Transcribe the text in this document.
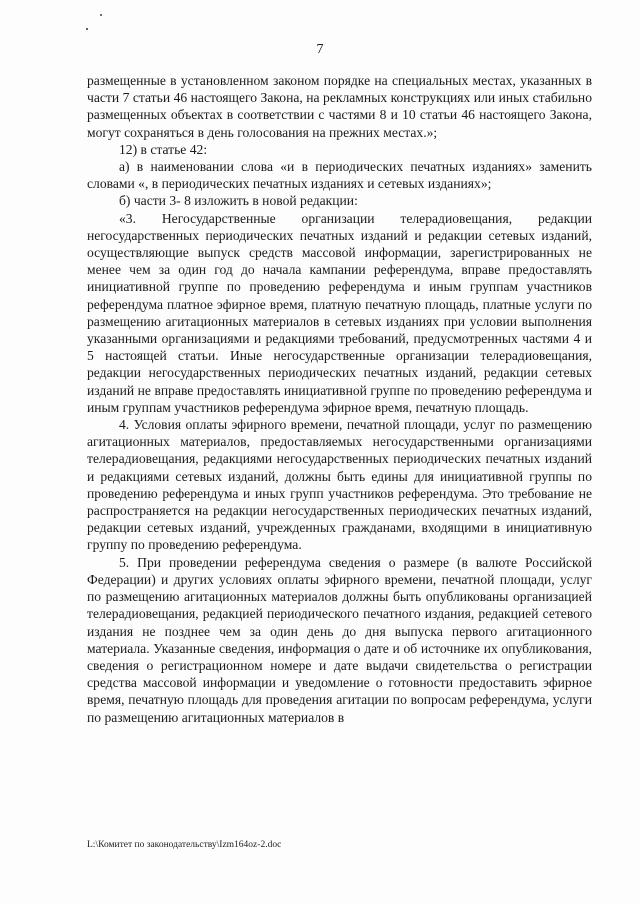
7

размещенные в установленном законом порядке на специальных местах, указанных в части 7 статьи 46 настоящего Закона, на рекламных конструкциях или иных стабильно размещенных объектах в соответствии с частями 8 и 10 статьи 46 настоящего Закона, могут сохраняться в день голосования на прежних местах.»;

12) в статье 42:

а) в наименовании слова «и в периодических печатных изданиях» заменить словами «, в периодических печатных изданиях и сетевых изданиях»;

б) части 3- 8 изложить в новой редакции:

«3. Негосударственные организации телерадиовещания, редакции негосударственных периодических печатных изданий и редакции сетевых изданий, осуществляющие выпуск средств массовой информации, зарегистрированных не менее чем за один год до начала кампании референдума, вправе предоставлять инициативной группе по проведению референдума и иным группам участников референдума платное эфирное время, платную печатную площадь, платные услуги по размещению агитационных материалов в сетевых изданиях при условии выполнения указанными организациями и редакциями требований, предусмотренных частями 4 и 5 настоящей статьи. Иные негосударственные организации телерадиовещания, редакции негосударственных периодических печатных изданий, редакции сетевых изданий не вправе предоставлять инициативной группе по проведению референдума и иным группам участников референдума эфирное время, печатную площадь.

4. Условия оплаты эфирного времени, печатной площади, услуг по размещению агитационных материалов, предоставляемых негосударственными организациями телерадиовещания, редакциями негосударственных периодических печатных изданий и редакциями сетевых изданий, должны быть едины для инициативной группы по проведению референдума и иных групп участников референдума. Это требование не распространяется на редакции негосударственных периодических печатных изданий, редакции сетевых изданий, учрежденных гражданами, входящими в инициативную группу по проведению референдума.

5. При проведении референдума сведения о размере (в валюте Российской Федерации) и других условиях оплаты эфирного времени, печатной площади, услуг по размещению агитационных материалов должны быть опубликованы организацией телерадиовещания, редакцией периодического печатного издания, редакцией сетевого издания не позднее чем за один день до дня выпуска первого агитационного материала. Указанные сведения, информация о дате и об источнике их опубликования, сведения о регистрационном номере и дате выдачи свидетельства о регистрации средства массовой информации и уведомление о готовности предоставить эфирное время, печатную площадь для проведения агитации по вопросам референдума, услуги по размещению агитационных материалов в

L:\Комитет по законодательству\Izm164oz-2.doc
